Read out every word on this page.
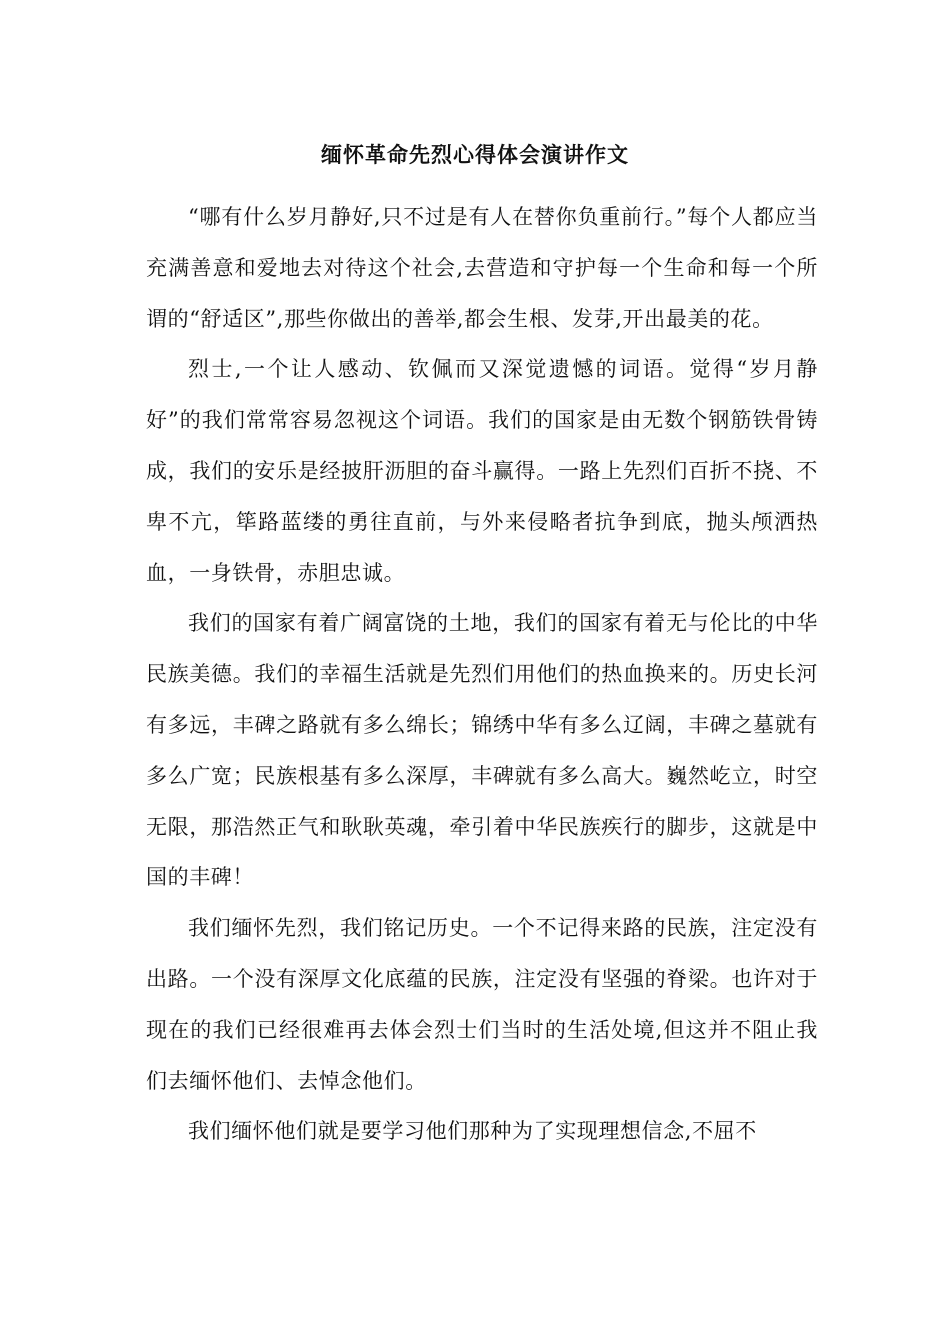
缅怀革命先烈心得体会演讲作文

“哪有什么岁月静好,只不过是有人在替你负重前行。”每个人都应当充满善意和爱地去对待这个社会,去营造和守护每一个生命和每一个所谓的“舒适区”,那些你做出的善举,都会生根、发芽,开出最美的花。

烈士,一个让人感动、钦佩而又深觉遗憾的词语。觉得“岁月静好”的我们常常容易忽视这个词语。我们的国家是由无数个钢筋铁骨铸成，我们的安乐是经披肝沥胆的奋斗赢得。一路上先烈们百折不挠、不卑不亢，筚路蓝缕的勇往直前，与外来侵略者抗争到底，抛头颅洒热血，一身铁骨，赤胆忠诚。

我们的国家有着广阔富饶的土地，我们的国家有着无与伦比的中华民族美德。我们的幸福生活就是先烈们用他们的热血换来的。历史长河有多远，丰碑之路就有多么绵长；锦绣中华有多么辽阔，丰碑之墓就有多么广宽；民族根基有多么深厚，丰碑就有多么高大。巍然屹立，时空无限，那浩然正气和耿耿英魂，牵引着中华民族疾行的脚步，这就是中国的丰碑！

我们缅怀先烈，我们铭记历史。一个不记得来路的民族，注定没有出路。一个没有深厚文化底蕴的民族，注定没有坚强的脊梁。也许对于现在的我们已经很难再去体会烈士们当时的生活处境,但这并不阻止我们去缅怀他们、去悼念他们。

我们缅怀他们就是要学习他们那种为了实现理想信念,不屈不
